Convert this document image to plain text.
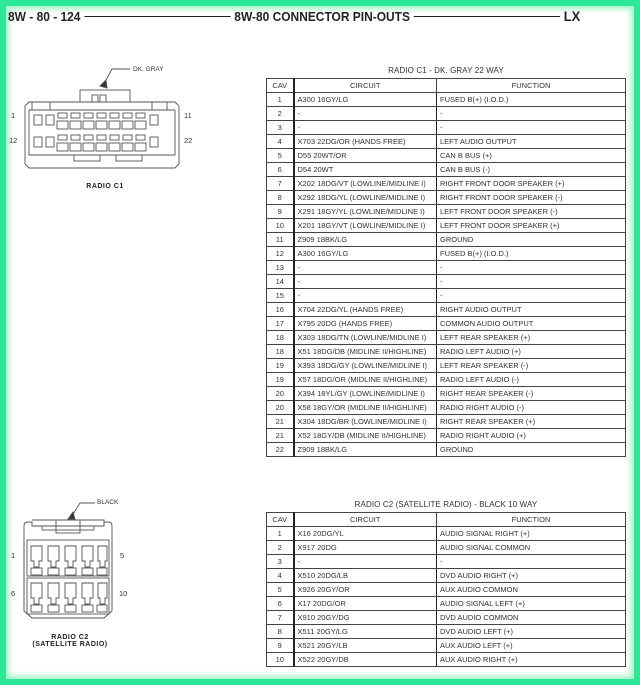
8W - 80 - 124	8W-80 CONNECTOR PIN-OUTS	LX
DK. GRAY
1	11
12	22
RADIO C1
RADIO C1 - DK. GRAY 22 WAY
CAV	CIRCUIT	FUNCTION
1	A300 16GY/LG	FUSED B(+) (I.O.D.)
2	-	-
3	-	-
4	X703 22DG/OR (HANDS FREE)	LEFT AUDIO OUTPUT
5	D55 20WT/OR	CAN B BUS (+)
6	D54 20WT	CAN B BUS (-)
7	X202 18DG/VT (LOWLINE/MIDLINE I)	RIGHT FRONT DOOR SPEAKER (+)
8	X292 18DG/YL (LOWLINE/MIDLINE I)	RIGHT FRONT DOOR SPEAKER (-)
9	X291 18GY/YL (LOWLINE/MIDLINE I)	LEFT FRONT DOOR SPEAKER (-)
10	X201 18GY/VT (LOWLINE/MIDLINE I)	LEFT FRONT DOOR SPEAKER (+)
11	Z909 18BK/LG	GROUND
12	A300 16GY/LG	FUSED B(+) (I.O.D.)
13	-	-
14	-	-
15	-	-
16	X704 22DG/YL (HANDS FREE)	RIGHT AUDIO OUTPUT
17	X795 20DG (HANDS FREE)	COMMON AUDIO OUTPUT
18	X303 18DG/TN (LOWLINE/MIDLINE I)	LEFT REAR SPEAKER (+)
18	X51 18DG/DB (MIDLINE II/HIGHLINE)	RADIO LEFT AUDIO (+)
19	X393 18DG/GY (LOWLINE/MIDLINE I)	LEFT REAR SPEAKER (-)
19	X57 18DG/OR (MIDLINE II/HIGHLINE)	RADIO LEFT AUDIO (-)
20	X394 18YL/GY (LOWLINE/MIDLINE I)	RIGHT REAR SPEAKER (-)
20	X58 18GY/OR (MIDLINE II/HIGHLINE)	RADIO RIGHT AUDIO (-)
21	X304 18DG/BR (LOWLINE/MIDLINE I)	RIGHT REAR SPEAKER (+)
21	X52 18GY/DB (MIDLINE II/HIGHLINE)	RADIO RIGHT AUDIO (+)
22	Z909 18BK/LG	GROUND
BLACK
1	5
6	10
RADIO C2
(SATELLITE RADIO)
RADIO C2 (SATELLITE RADIO) - BLACK 10 WAY
CAV	CIRCUIT	FUNCTION
1	X16 20DG/YL	AUDIO SIGNAL RIGHT (+)
2	X917 20DG	AUDIO SIGNAL COMMON
3	-	-
4	X510 20DG/LB	DVD AUDIO RIGHT (+)
5	X926 20GY/OR	AUX AUDIO COMMON
6	X17 20DG/OR	AUDIO SIGNAL LEFT (+)
7	X910 20GY/DG	DVD AUDIO COMMON
8	X511 20GY/LG	DVD AUDIO LEFT (+)
9	X521 20GY/LB	AUX AUDIO LEFT (+)
10	X522 20GY/DB	AUX AUDIO RIGHT (+)
